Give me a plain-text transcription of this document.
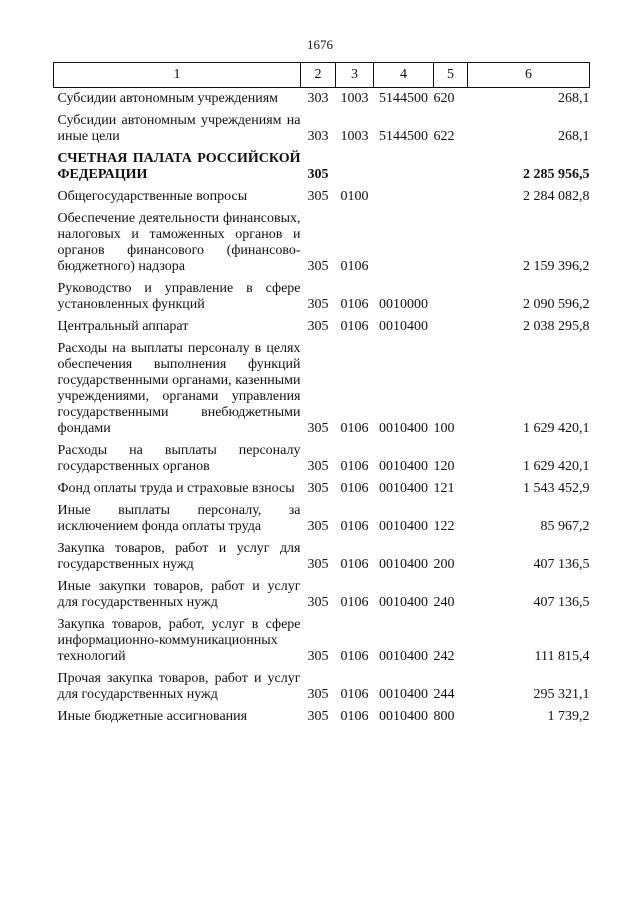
1676
1	2	3	4	5	6
Субсидии автономным учреждениям	303	1003	5144500	620	268,1
Субсидии автономным учреждениям на иные цели	303	1003	5144500	622	268,1
СЧЕТНАЯ ПАЛАТА РОССИЙСКОЙ ФЕДЕРАЦИИ	305				2 285 956,5
Общегосударственные вопросы	305	0100			2 284 082,8
Обеспечение деятельности финансовых, налоговых и таможенных органов и органов финансового (финансово-бюджетного) надзора	305	0106			2 159 396,2
Руководство и управление в сфере установленных функций	305	0106	0010000		2 090 596,2
Центральный аппарат	305	0106	0010400		2 038 295,8
Расходы на выплаты персоналу в целях обеспечения выполнения функций государственными органами, казенными учреждениями, органами управления государственными внебюджетными фондами	305	0106	0010400	100	1 629 420,1
Расходы на выплаты персоналу государственных органов	305	0106	0010400	120	1 629 420,1
Фонд оплаты труда и страховые взносы	305	0106	0010400	121	1 543 452,9
Иные выплаты персоналу, за исключением фонда оплаты труда	305	0106	0010400	122	85 967,2
Закупка товаров, работ и услуг для государственных нужд	305	0106	0010400	200	407 136,5
Иные закупки товаров, работ и услуг для государственных нужд	305	0106	0010400	240	407 136,5
Закупка товаров, работ, услуг в сфере информационно-коммуникационных технологий	305	0106	0010400	242	111 815,4
Прочая закупка товаров, работ и услуг для государственных нужд	305	0106	0010400	244	295 321,1
Иные бюджетные ассигнования	305	0106	0010400	800	1 739,2
